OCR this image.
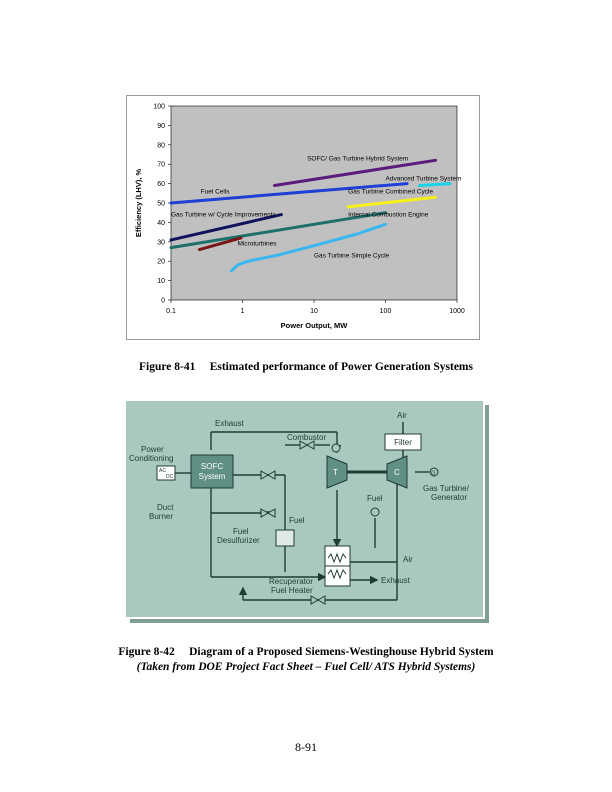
0
10
20
30
40
50
60
70
80
90
100
0.1	1	10	100	1000
SOFC/ Gas Turbine Hybrid System
Advanced Turbine System
Fuel Cells	Gas Turbine Combined Cycle
Gas Turbine w/ Cycle Improvements	Internal Combustion Engine
Microturbines
Gas Turbine Simple Cycle
Power Output, MW
Efficiency (LHV), %
Figure 8-41 Estimated performance of Power Generation Systems
SOFC
System
AC
DC	T	C	G
Filter
Exhaust
Combustor
Air
Power
Conditioning
Gas Turbine/
Generator
Fuel
Duct
Burner	Fuel
Fuel
Desulfurizer
Air
Recuperator
Fuel Heater
Exhaust
Figure 8-42 Diagram of a Proposed Siemens-Westinghouse Hybrid System
(Taken from DOE Project Fact Sheet – Fuel Cell/ ATS Hybrid Systems)
8-91
